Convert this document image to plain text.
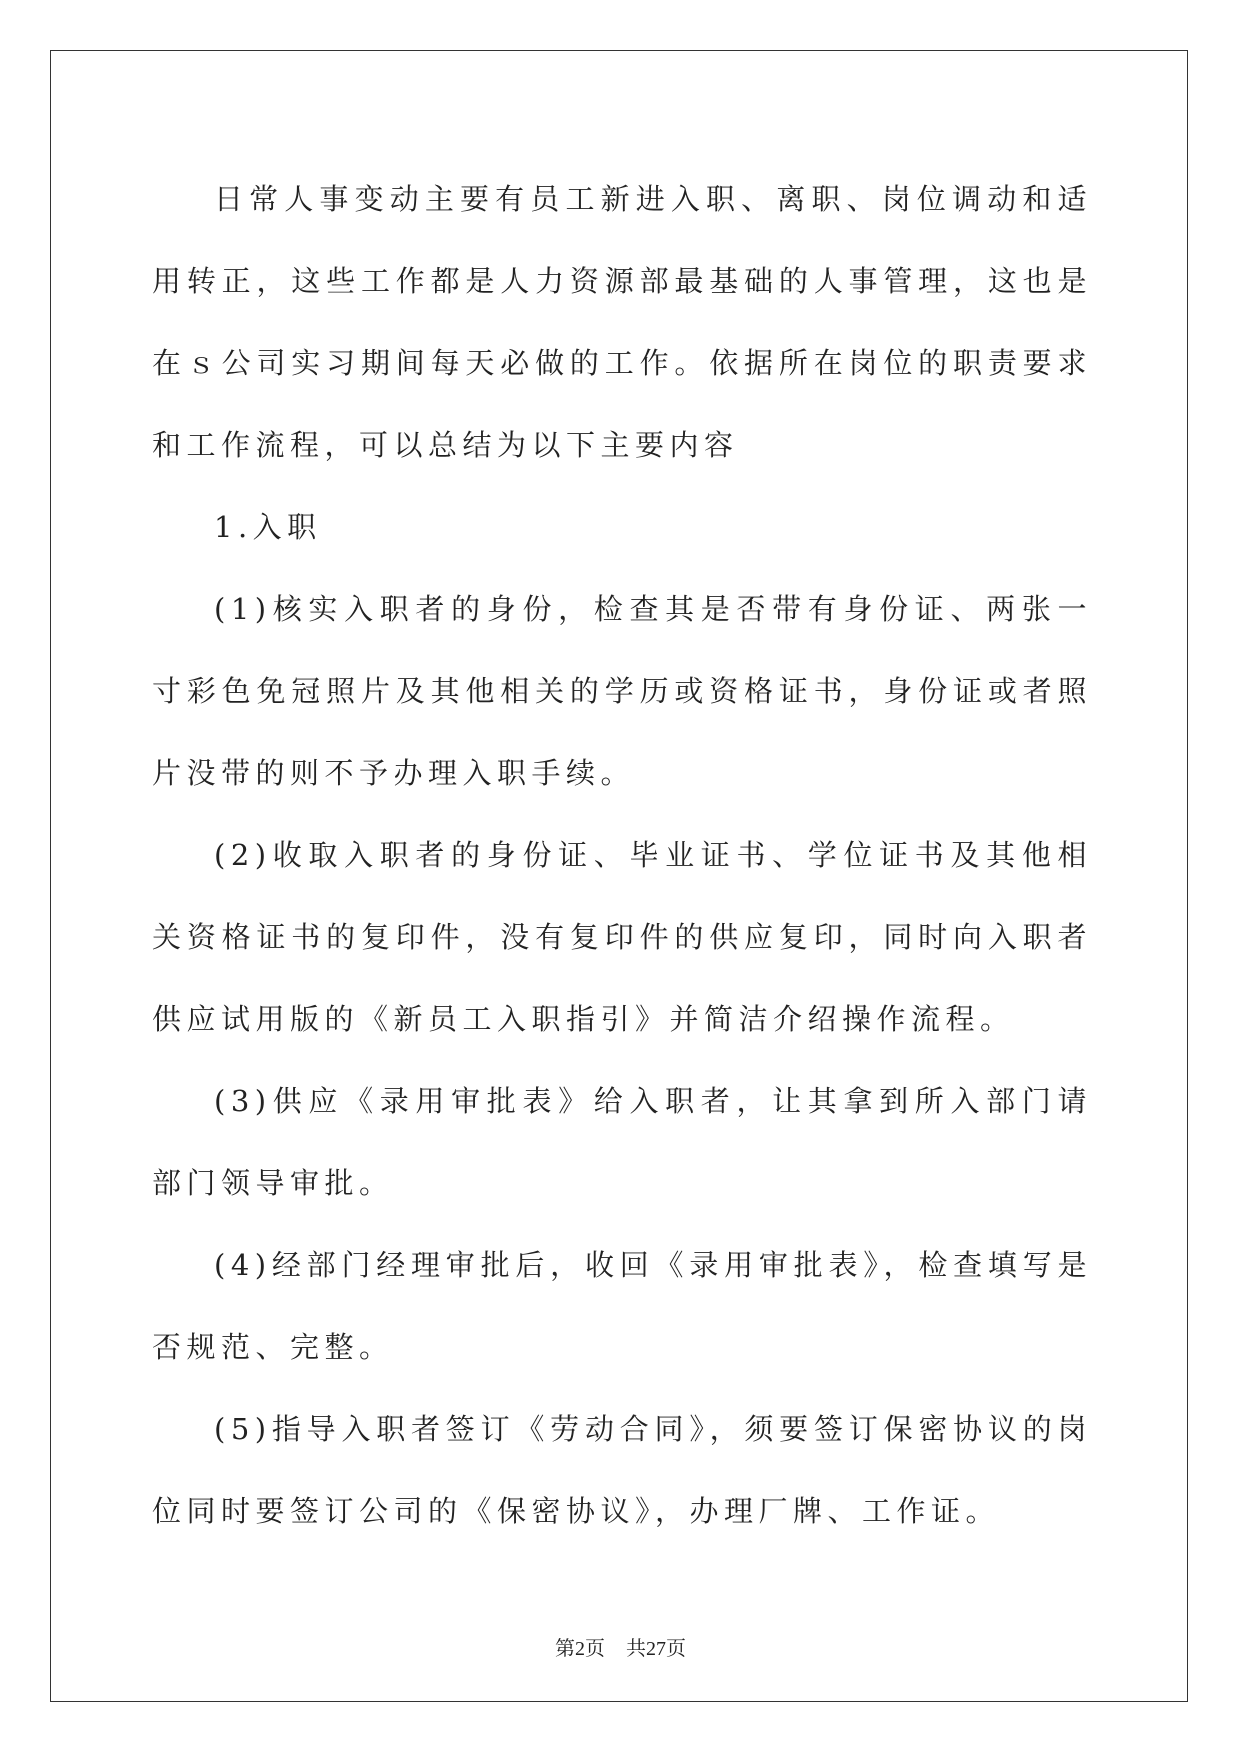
日常人事变动主要有员工新进入职、离职、岗位调动和适用转正，这些工作都是人力资源部最基础的人事管理，这也是在ｓ公司实习期间每天必做的工作。依据所在岗位的职责要求和工作流程，可以总结为以下主要内容

1.入职

(1)核实入职者的身份，检查其是否带有身份证、两张一寸彩色免冠照片及其他相关的学历或资格证书，身份证或者照片没带的则不予办理入职手续。

(2)收取入职者的身份证、毕业证书、学位证书及其他相关资格证书的复印件，没有复印件的供应复印，同时向入职者供应试用版的《新员工入职指引》并简洁介绍操作流程。

(3)供应《录用审批表》给入职者，让其拿到所入部门请部门领导审批。

(4)经部门经理审批后，收回《录用审批表》，检查填写是否规范、完整。

(5)指导入职者签订《劳动合同》，须要签订保密协议的岗位同时要签订公司的《保密协议》，办理厂牌、工作证。

第2页 共27页
